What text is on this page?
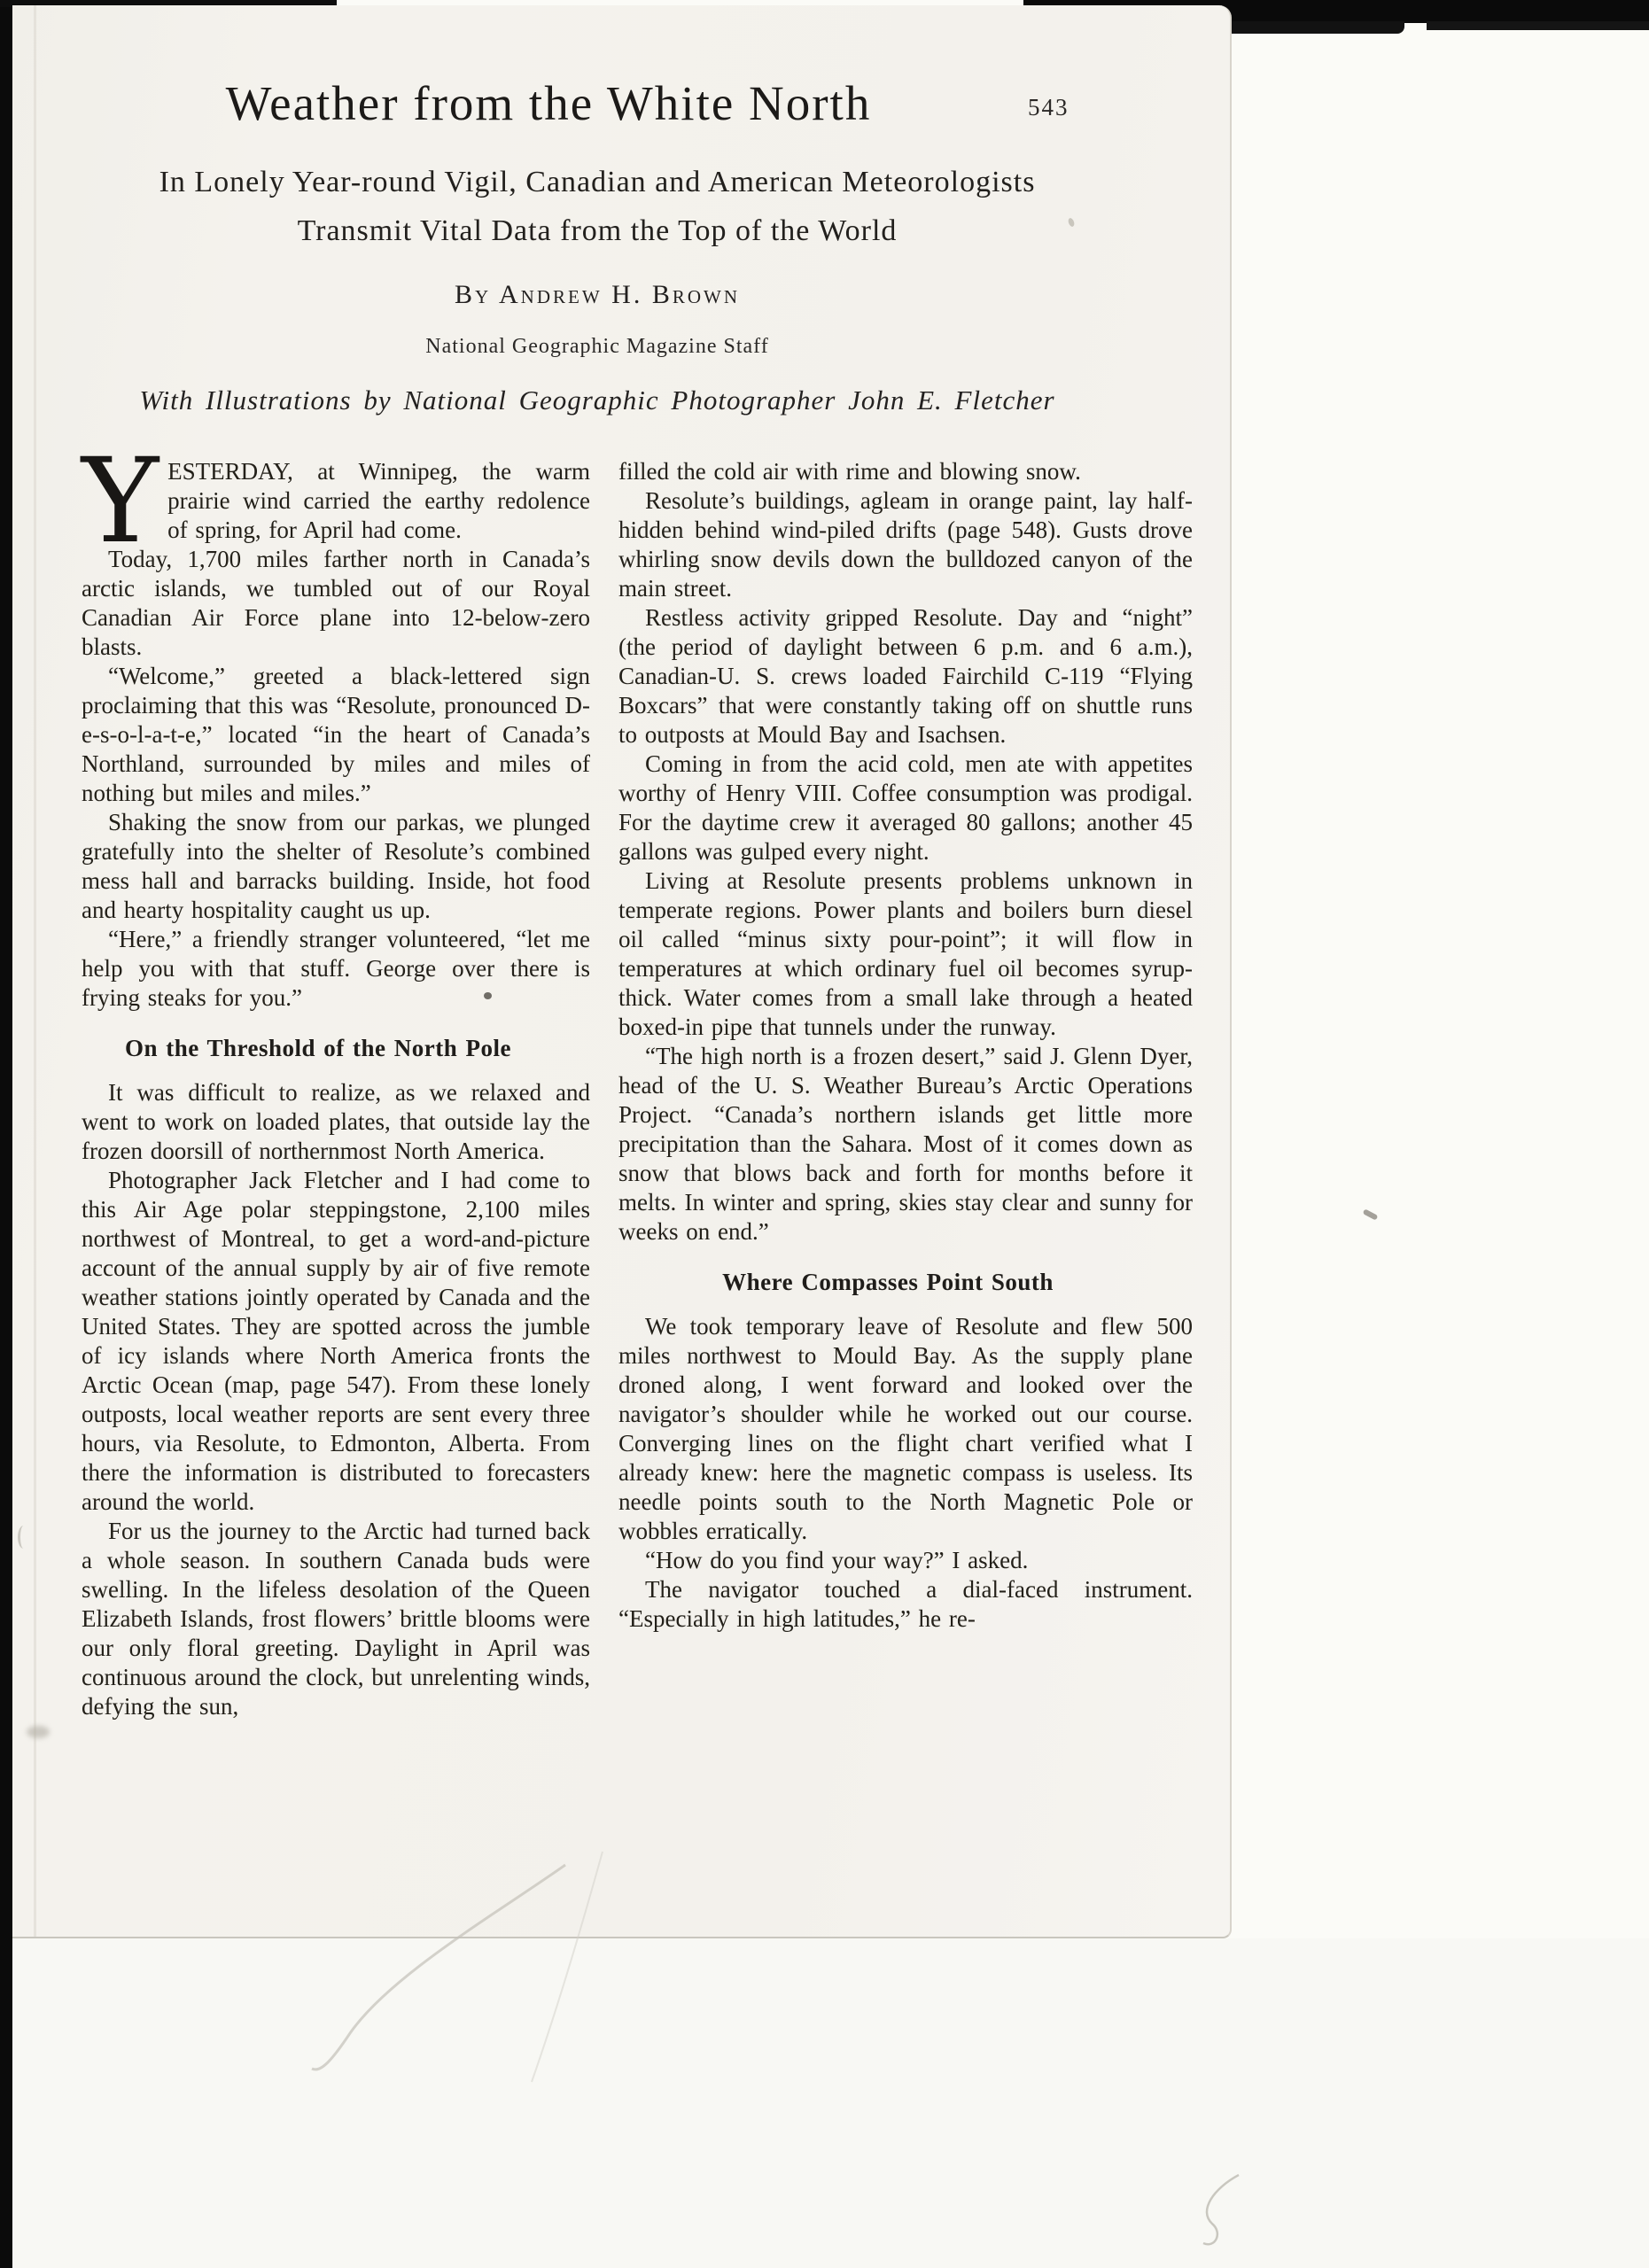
Weather from the White North	543
In Lonely Year-round Vigil, Canadian and American Meteorologists
Transmit Vital Data from the Top of the World
By Andrew H. Brown
National Geographic Magazine Staff
With Illustrations by National Geographic Photographer John E. Fletcher

YESTERDAY, at Winnipeg, the warm prairie wind carried the earthy redolence of spring, for April had come.

Today, 1,700 miles farther north in Canada’s arctic islands, we tumbled out of our Royal Canadian Air Force plane into 12-below-zero blasts.

“Welcome,” greeted a black-lettered sign proclaiming that this was “Resolute, pronounced D-e-s-o-l-a-t-e,” located “in the heart of Canada’s Northland, surrounded by miles and miles of nothing but miles and miles.”

Shaking the snow from our parkas, we plunged gratefully into the shelter of Resolute’s combined mess hall and barracks building. Inside, hot food and hearty hospitality caught us up.

“Here,” a friendly stranger volunteered, “let me help you with that stuff. George over there is frying steaks for you.”

On the Threshold of the North Pole

It was difficult to realize, as we relaxed and went to work on loaded plates, that outside lay the frozen doorsill of northernmost North America.

Photographer Jack Fletcher and I had come to this Air Age polar steppingstone, 2,100 miles northwest of Montreal, to get a word-and-picture account of the annual supply by air of five remote weather stations jointly operated by Canada and the United States. They are spotted across the jumble of icy islands where North America fronts the Arctic Ocean (map, page 547). From these lonely outposts, local weather reports are sent every three hours, via Resolute, to Edmonton, Alberta. From there the information is distributed to forecasters around the world.

For us the journey to the Arctic had turned back a whole season. In southern Canada buds were swelling. In the lifeless desolation of the Queen Elizabeth Islands, frost flowers’ brittle blooms were our only floral greeting. Daylight in April was continuous around the clock, but unrelenting winds, defying the sun,

filled the cold air with rime and blowing snow.

Resolute’s buildings, agleam in orange paint, lay half-hidden behind wind-piled drifts (page 548). Gusts drove whirling snow devils down the bulldozed canyon of the main street.

Restless activity gripped Resolute. Day and “night” (the period of daylight between 6 p.m. and 6 a.m.), Canadian-U. S. crews loaded Fairchild C-119 “Flying Boxcars” that were constantly taking off on shuttle runs to outposts at Mould Bay and Isachsen.

Coming in from the acid cold, men ate with appetites worthy of Henry VIII. Coffee consumption was prodigal. For the daytime crew it averaged 80 gallons; another 45 gallons was gulped every night.

Living at Resolute presents problems unknown in temperate regions. Power plants and boilers burn diesel oil called “minus sixty pour-point”; it will flow in temperatures at which ordinary fuel oil becomes syrup-thick. Water comes from a small lake through a heated boxed-in pipe that tunnels under the runway.

“The high north is a frozen desert,” said J. Glenn Dyer, head of the U. S. Weather Bureau’s Arctic Operations Project. “Canada’s northern islands get little more precipitation than the Sahara. Most of it comes down as snow that blows back and forth for months before it melts. In winter and spring, skies stay clear and sunny for weeks on end.”

Where Compasses Point South

We took temporary leave of Resolute and flew 500 miles northwest to Mould Bay. As the supply plane droned along, I went forward and looked over the navigator’s shoulder while he worked out our course. Converging lines on the flight chart verified what I already knew: here the magnetic compass is useless. Its needle points south to the North Magnetic Pole or wobbles erratically.

“How do you find your way?” I asked.

The navigator touched a dial-faced instrument. “Especially in high latitudes,” he re-
